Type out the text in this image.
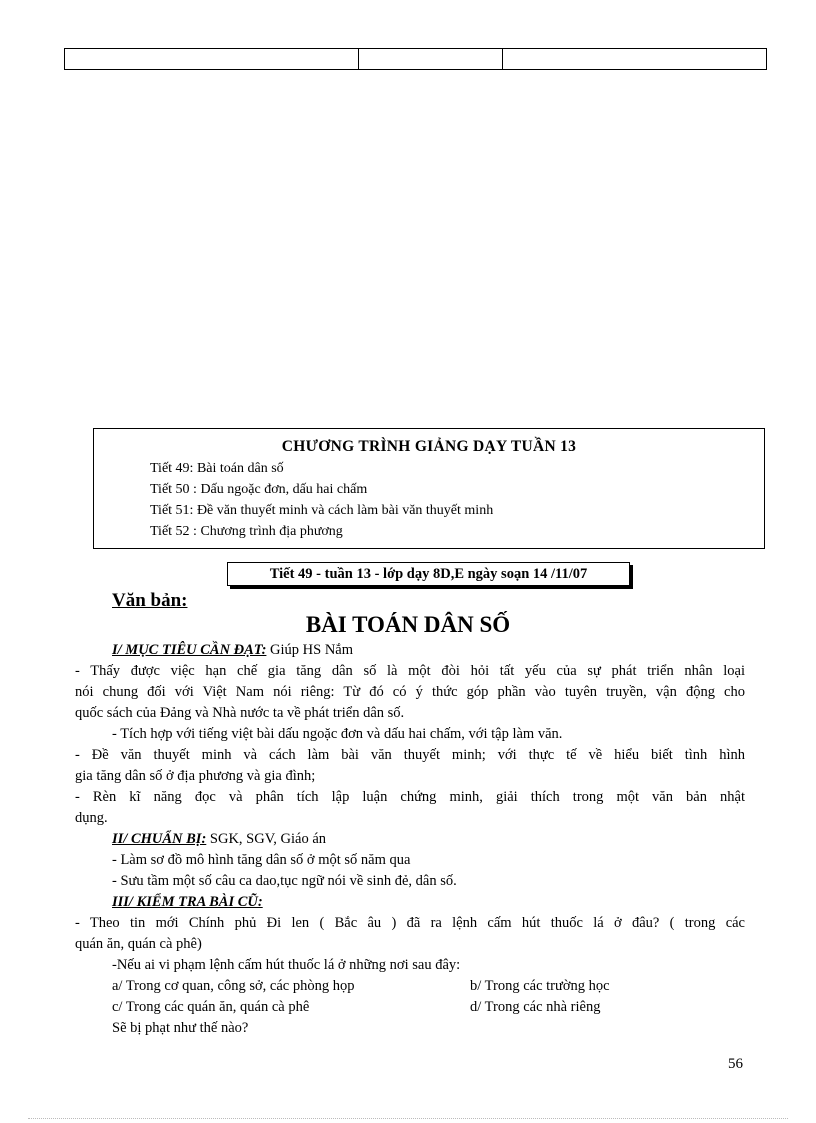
CHƯƠNG TRÌNH GIẢNG DẠY TUẦN 13
Tiết 49: Bài toán dân số
Tiết 50 : Dấu ngoặc đơn, dấu hai chấm
Tiết 51: Đề văn thuyết minh và cách làm bài văn thuyết minh
Tiết 52 : Chương trình địa phương
Tiết 49 - tuần 13 - lớp dạy 8D,E ngày soạn 14 /11/07
Văn bản:
BÀI TOÁN DÂN SỐ
I/ MỤC TIÊU CẦN ĐẠT: Giúp HS Nắm
- Thấy được việc hạn chế gia tăng dân số là một đòi hỏi tất yếu của sự phát triển nhân loại
nói chung đối với Việt Nam nói riêng: Từ đó có ý thức góp phần vào tuyên truyền, vận động cho
quốc sách của Đảng và Nhà nước ta về phát triển dân số.
- Tích hợp với tiếng việt bài dấu ngoặc đơn và dấu hai chấm, với tập làm văn.
- Đề văn thuyết minh và cách làm bài văn thuyết minh; với thực tế về hiểu biết tình hình
gia tăng dân số ở địa phương và gia đình;
- Rèn kĩ năng đọc và phân tích lập luận chứng minh, giải thích trong một văn bản nhật
dụng.
II/ CHUẨN BỊ: SGK, SGV, Giáo án
- Làm sơ đồ mô hình tăng dân số ở một số năm qua
- Sưu tầm một số câu ca dao,tục ngữ nói về sinh đẻ, dân số.
III/ KIỂM TRA BÀI CŨ:
- Theo tin mới Chính phủ Đi len ( Bắc âu ) đã ra lệnh cấm hút thuốc lá ở đâu? ( trong các
quán ăn, quán cà phê)
-Nếu ai vi phạm lệnh cấm hút thuốc lá ở những nơi sau đây:
a/ Trong cơ quan, công sở, các phòng họp	b/ Trong các trường học
c/ Trong các quán ăn, quán cà phê	d/ Trong các nhà riêng
Sẽ bị phạt như thế nào?
56
